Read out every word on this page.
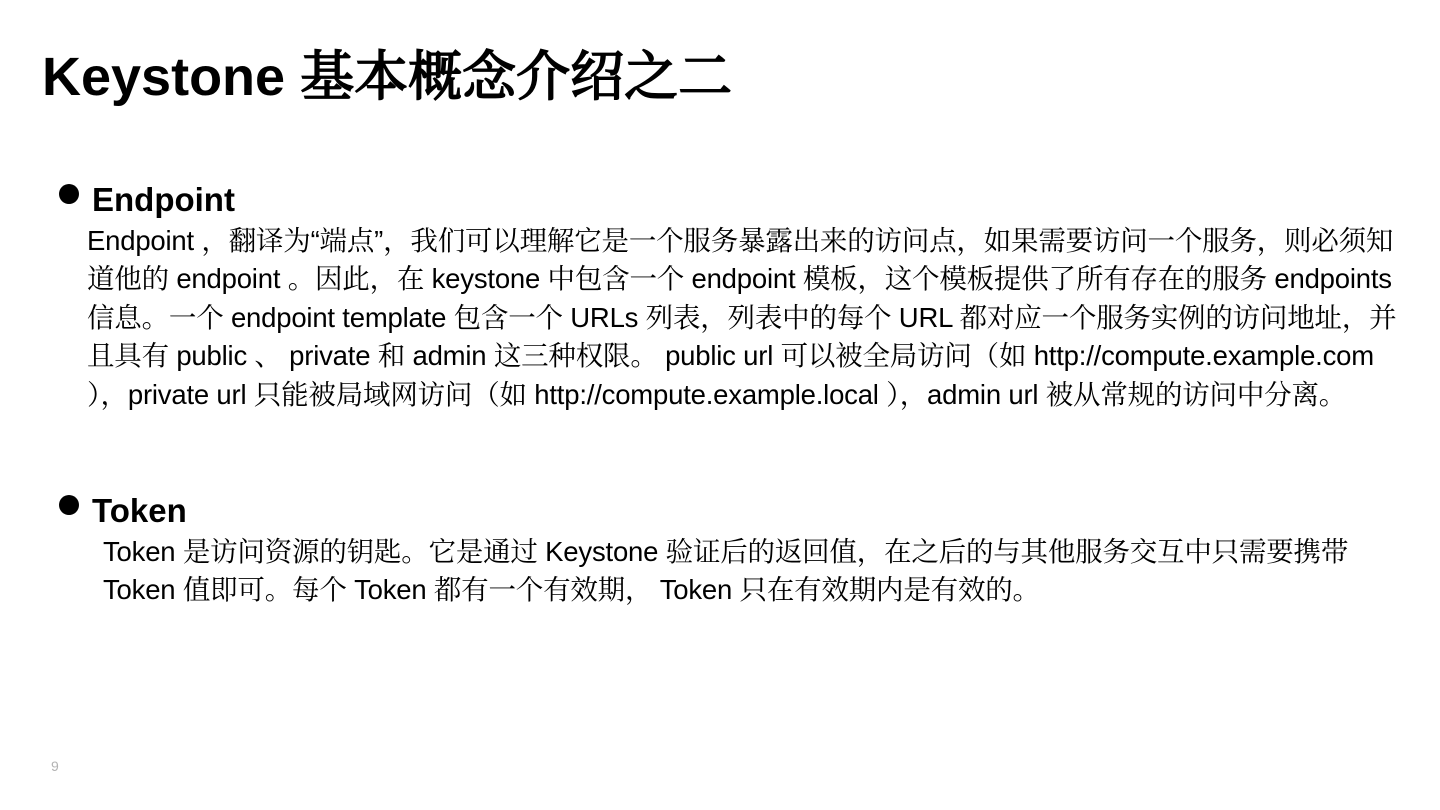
Keystone 基本概念介绍之二
Endpoint

Endpoint ，翻译为“端点”，我们可以理解它是一个服务暴露出来的访问点，如果需要访问一个服务，则必须知道他的 endpoint 。因此，在 keystone 中包含一个 endpoint 模板，这个模板提供了所有存在的服务 endpoints 信息。一个 endpoint template 包含一个 URLs 列表，列表中的每个 URL 都对应一个服务实例的访问地址，并且具有 public 、 private 和 admin 这三种权限。 public url 可以被全局访问（如 http://compute.example.com ），private url 只能被局域网访问（如 http://compute.example.local ），admin url 被从常规的访问中分离。

Token

Token 是访问资源的钥匙。它是通过 Keystone 验证后的返回值，在之后的与其他服务交互中只需要携带 Token 值即可。每个 Token 都有一个有效期， Token 只在有效期内是有效的。

9
